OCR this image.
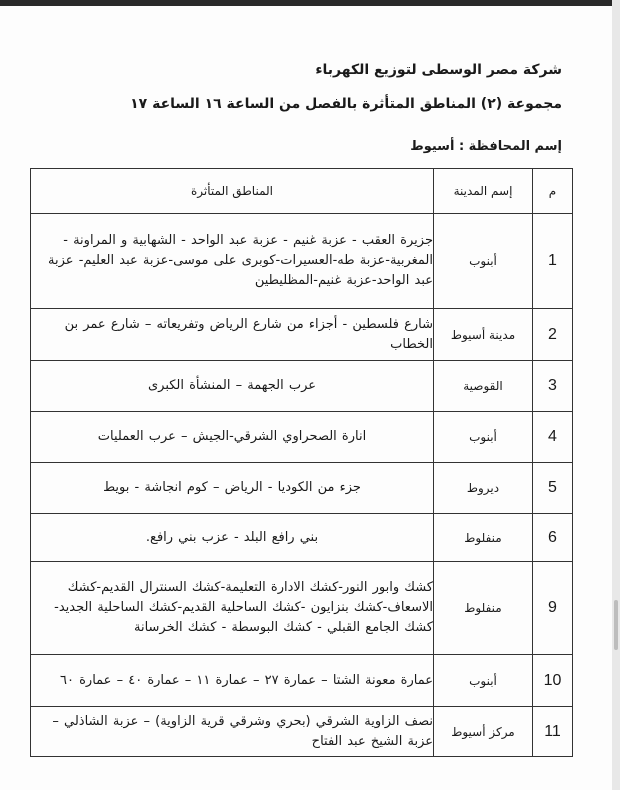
شركة مصر الوسطى لتوزيع الكهرباء
مجموعة (٢) المناطق المتأثرة بالفصل من الساعة ١٦ الساعة ١٧
إسم المحافظة : أسيوط
م	إسم المدينة	المناطق المتأثرة
1	أبنوب	جزيرة العقب - عزبة غنيم - عزبة عبد الواحد - الشهابية و المراونة - المغربية-عزبة طه-العسيرات-كوبرى على موسى-عزبة عبد العليم- عزبة عبد الواحد-عزبة غنيم-المظليطين
2	مدينة أسيوط	شارع فلسطين - أجزاء من شارع الرياض وتفريعاته – شارع عمر بن الخطاب
3	القوصية	عرب الجهمة – المنشأة الكبرى
4	أبنوب	انارة الصحراوي الشرقي-الجيش – عرب العمليات
5	ديروط	جزء من الكوديا - الرياض – كوم انجاشة - بويط
6	منفلوط	بني رافع البلد - عزب بني رافع.
9	منفلوط	كشك وابور النور-كشك الادارة التعليمة-كشك السنترال القديم-كشك الاسعاف-كشك بنزايون -كشك الساحلية القديم-كشك الساحلية الجديد-كشك الجامع القبلي - كشك البوسطة - كشك الخرسانة
10	أبنوب	عمارة معونة الشتا – عمارة ٢٧ – عمارة ١١ – عمارة ٤٠ – عمارة ٦٠
11	مركز أسيوط	نصف الزاوية الشرقي (بحري وشرقي قرية الزاوية) – عزبة الشاذلي – عزبة الشيخ عبد الفتاح
